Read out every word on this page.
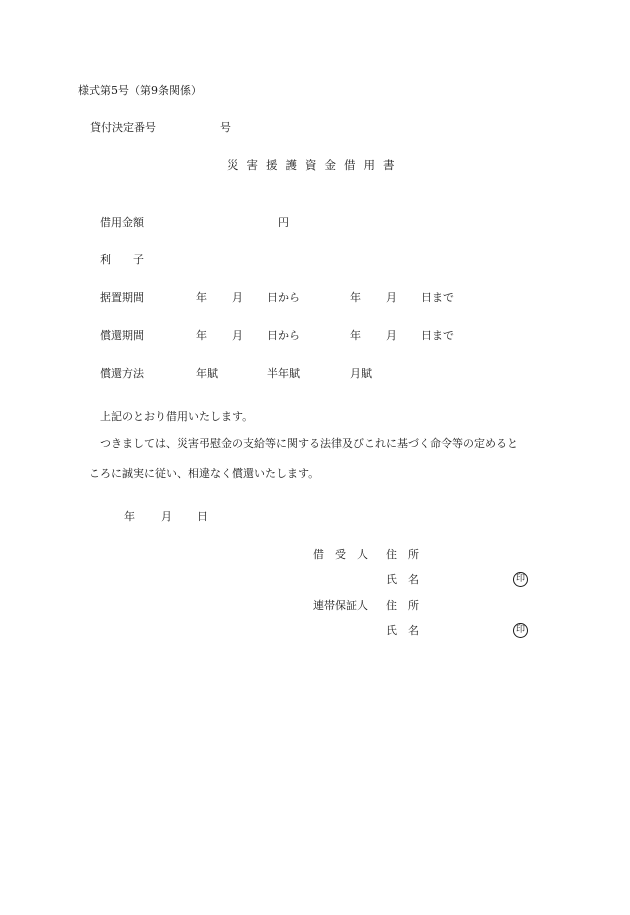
様式第5号（第9条関係）
貸付決定番号	号
災害援護資金借用書
借用金額	円
利　　子
据置期間	年 月 日から	年 月 日まで
償還期間	年 月 日から	年 月 日まで
償還方法	年賦	半年賦	月賦
上記のとおり借用いたします。
つきましては、災害弔慰金の支給等に関する法律及びこれに基づく命令等の定めると
ころに誠実に従い、相違なく償還いたします。
年 月 日
借　受　人 住　所
氏　名	印
連帯保証人 住　所
氏　名	印
